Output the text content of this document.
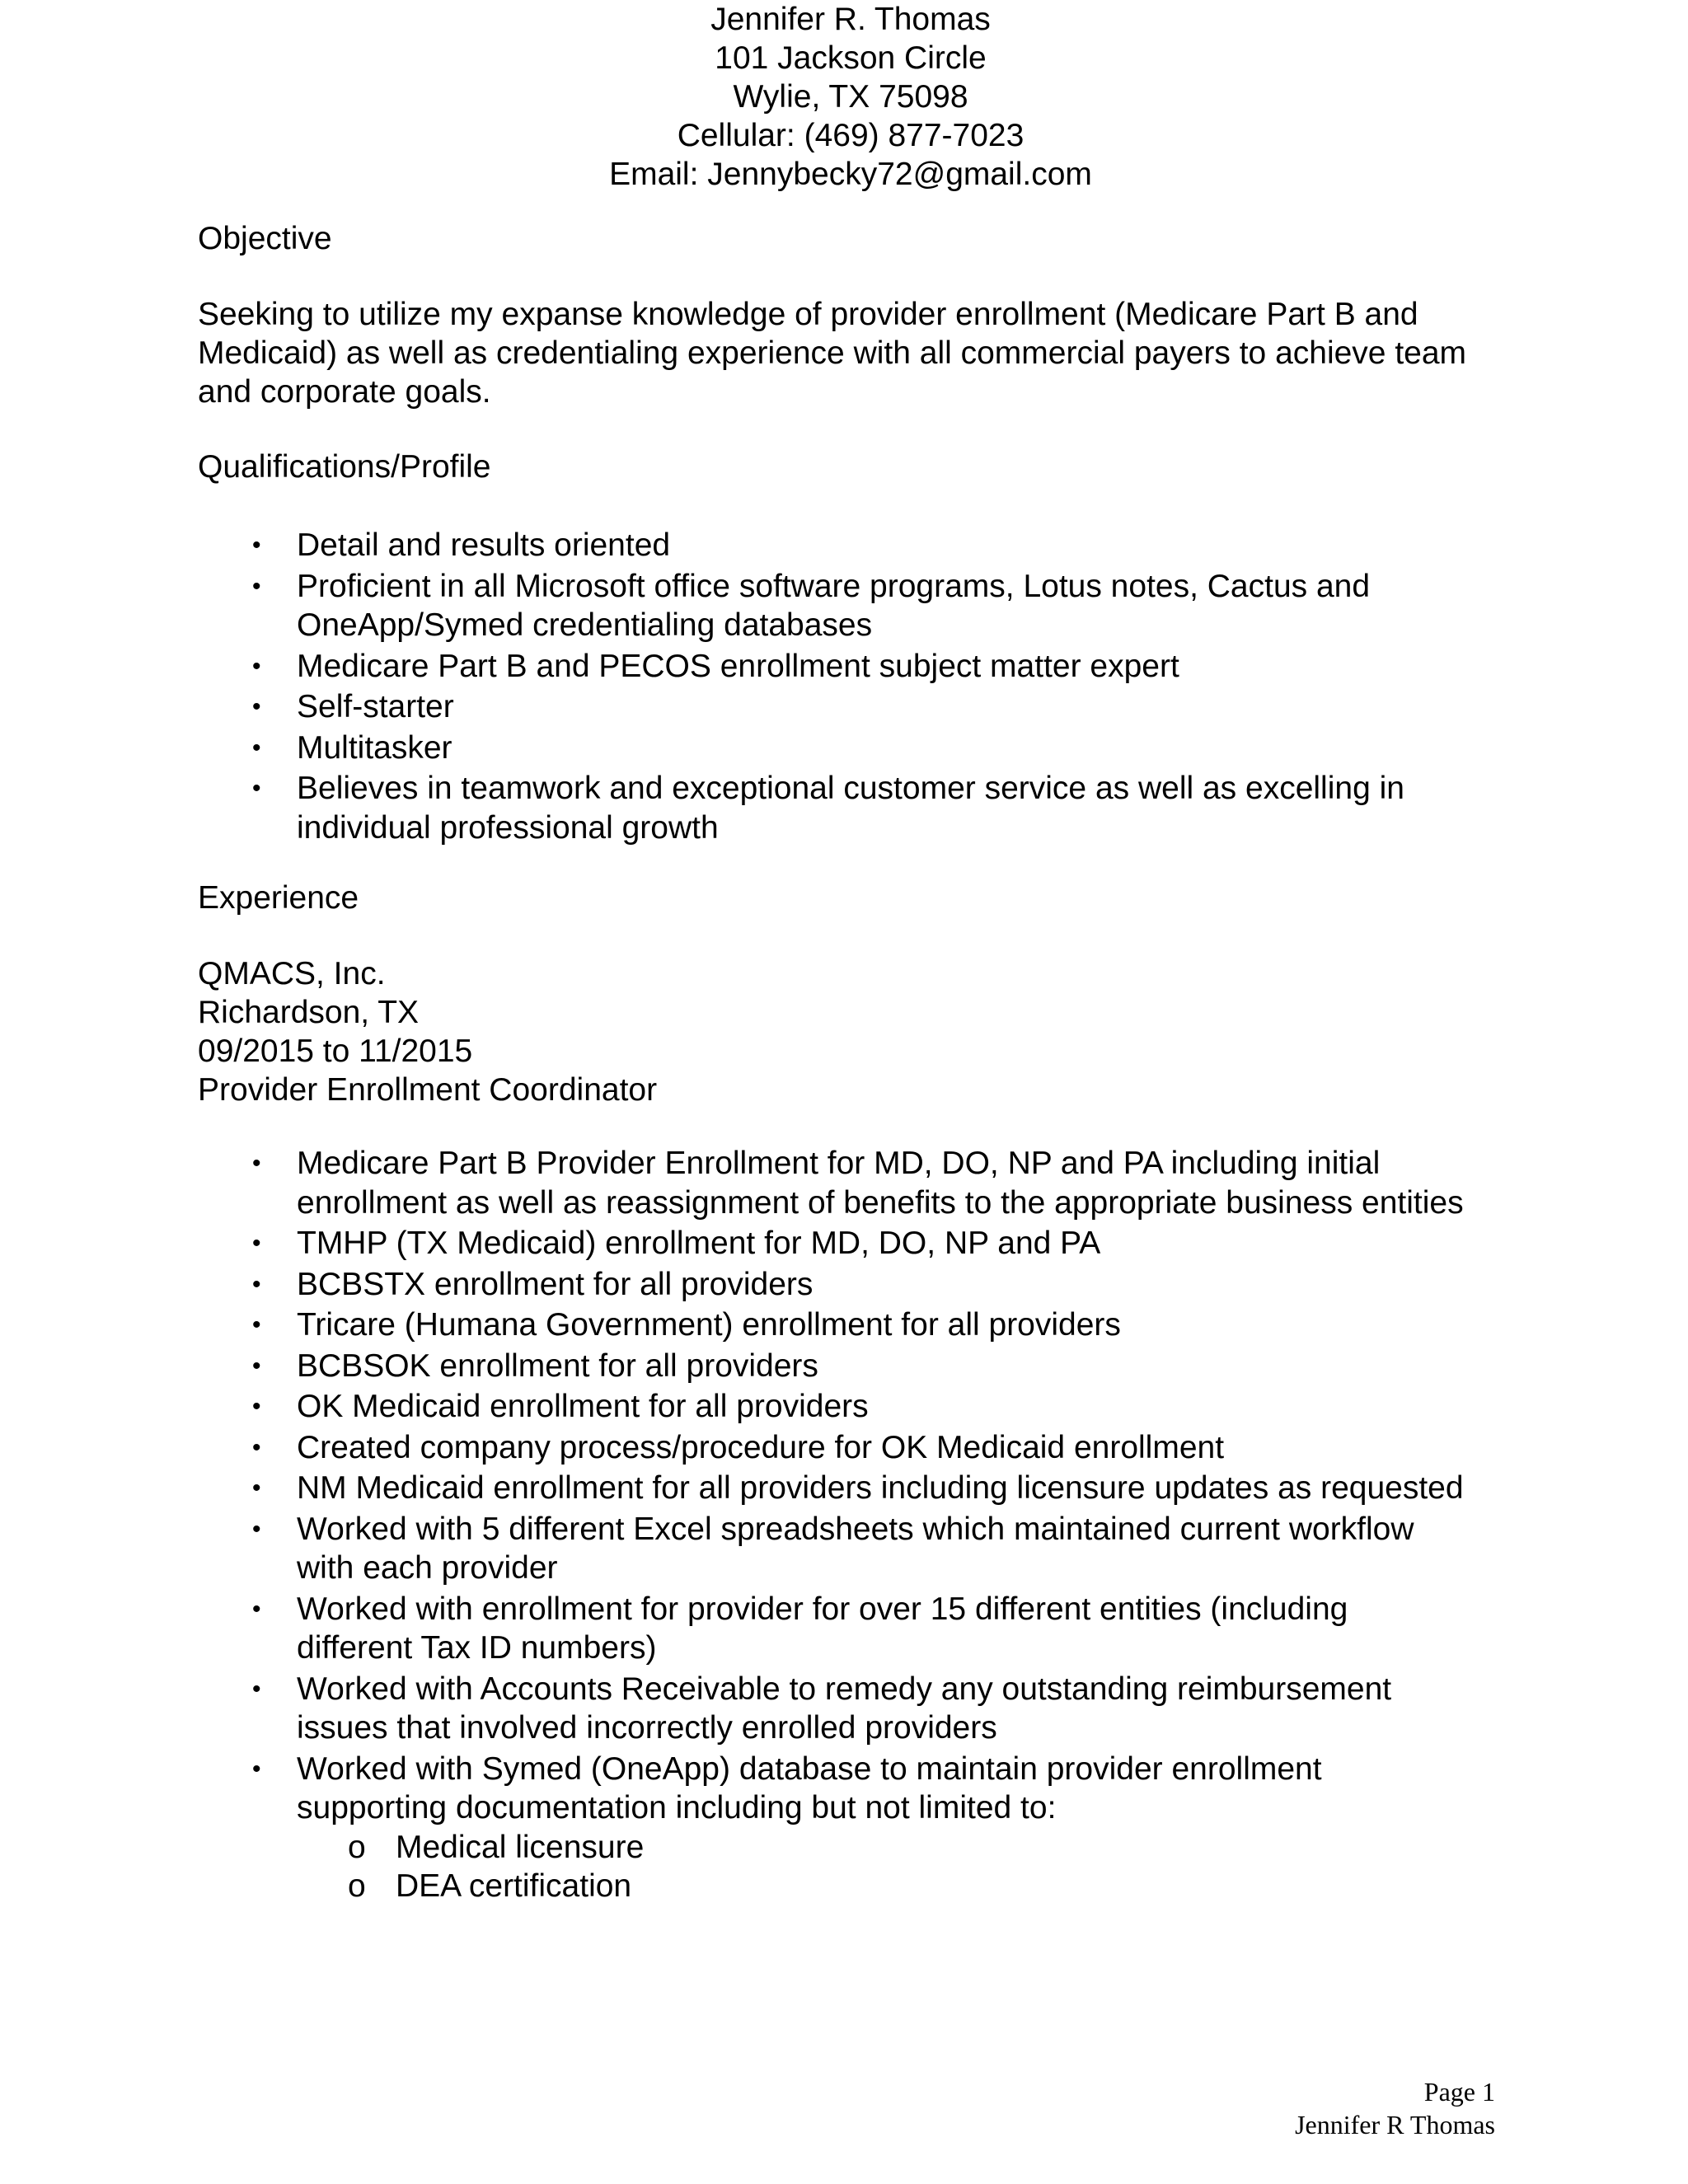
Jennifer R. Thomas
101 Jackson Circle
Wylie, TX 75098
Cellular: (469) 877-7023
Email: Jennybecky72@gmail.com
Objective

Seeking to utilize my expanse knowledge of provider enrollment (Medicare Part B and Medicaid) as well as credentialing experience with all commercial payers to achieve team and corporate goals.

Qualifications/Profile
• Detail and results oriented
• Proficient in all Microsoft office software programs, Lotus notes, Cactus and OneApp/Symed credentialing databases
• Medicare Part B and PECOS enrollment subject matter expert
• Self-starter
• Multitasker
• Believes in teamwork and exceptional customer service as well as excelling in individual professional growth
Experience
QMACS, Inc.
Richardson, TX
09/2015 to 11/2015
Provider Enrollment Coordinator
• Medicare Part B Provider Enrollment for MD, DO, NP and PA including initial enrollment as well as reassignment of benefits to the appropriate business entities
• TMHP (TX Medicaid) enrollment for MD, DO, NP and PA
• BCBSTX enrollment for all providers
• Tricare (Humana Government) enrollment for all providers
• BCBSOK enrollment for all providers
• OK Medicaid enrollment for all providers
• Created company process/procedure for OK Medicaid enrollment
• NM Medicaid enrollment for all providers including licensure updates as requested
• Worked with 5 different Excel spreadsheets which maintained current workflow with each provider
• Worked with enrollment for provider for over 15 different entities (including different Tax ID numbers)
• Worked with Accounts Receivable to remedy any outstanding reimbursement issues that involved incorrectly enrolled providers
• Worked with Symed (OneApp) database to maintain provider enrollment supporting documentation including but not limited to:
o Medical licensure
o DEA certification
Page 1
Jennifer R Thomas
